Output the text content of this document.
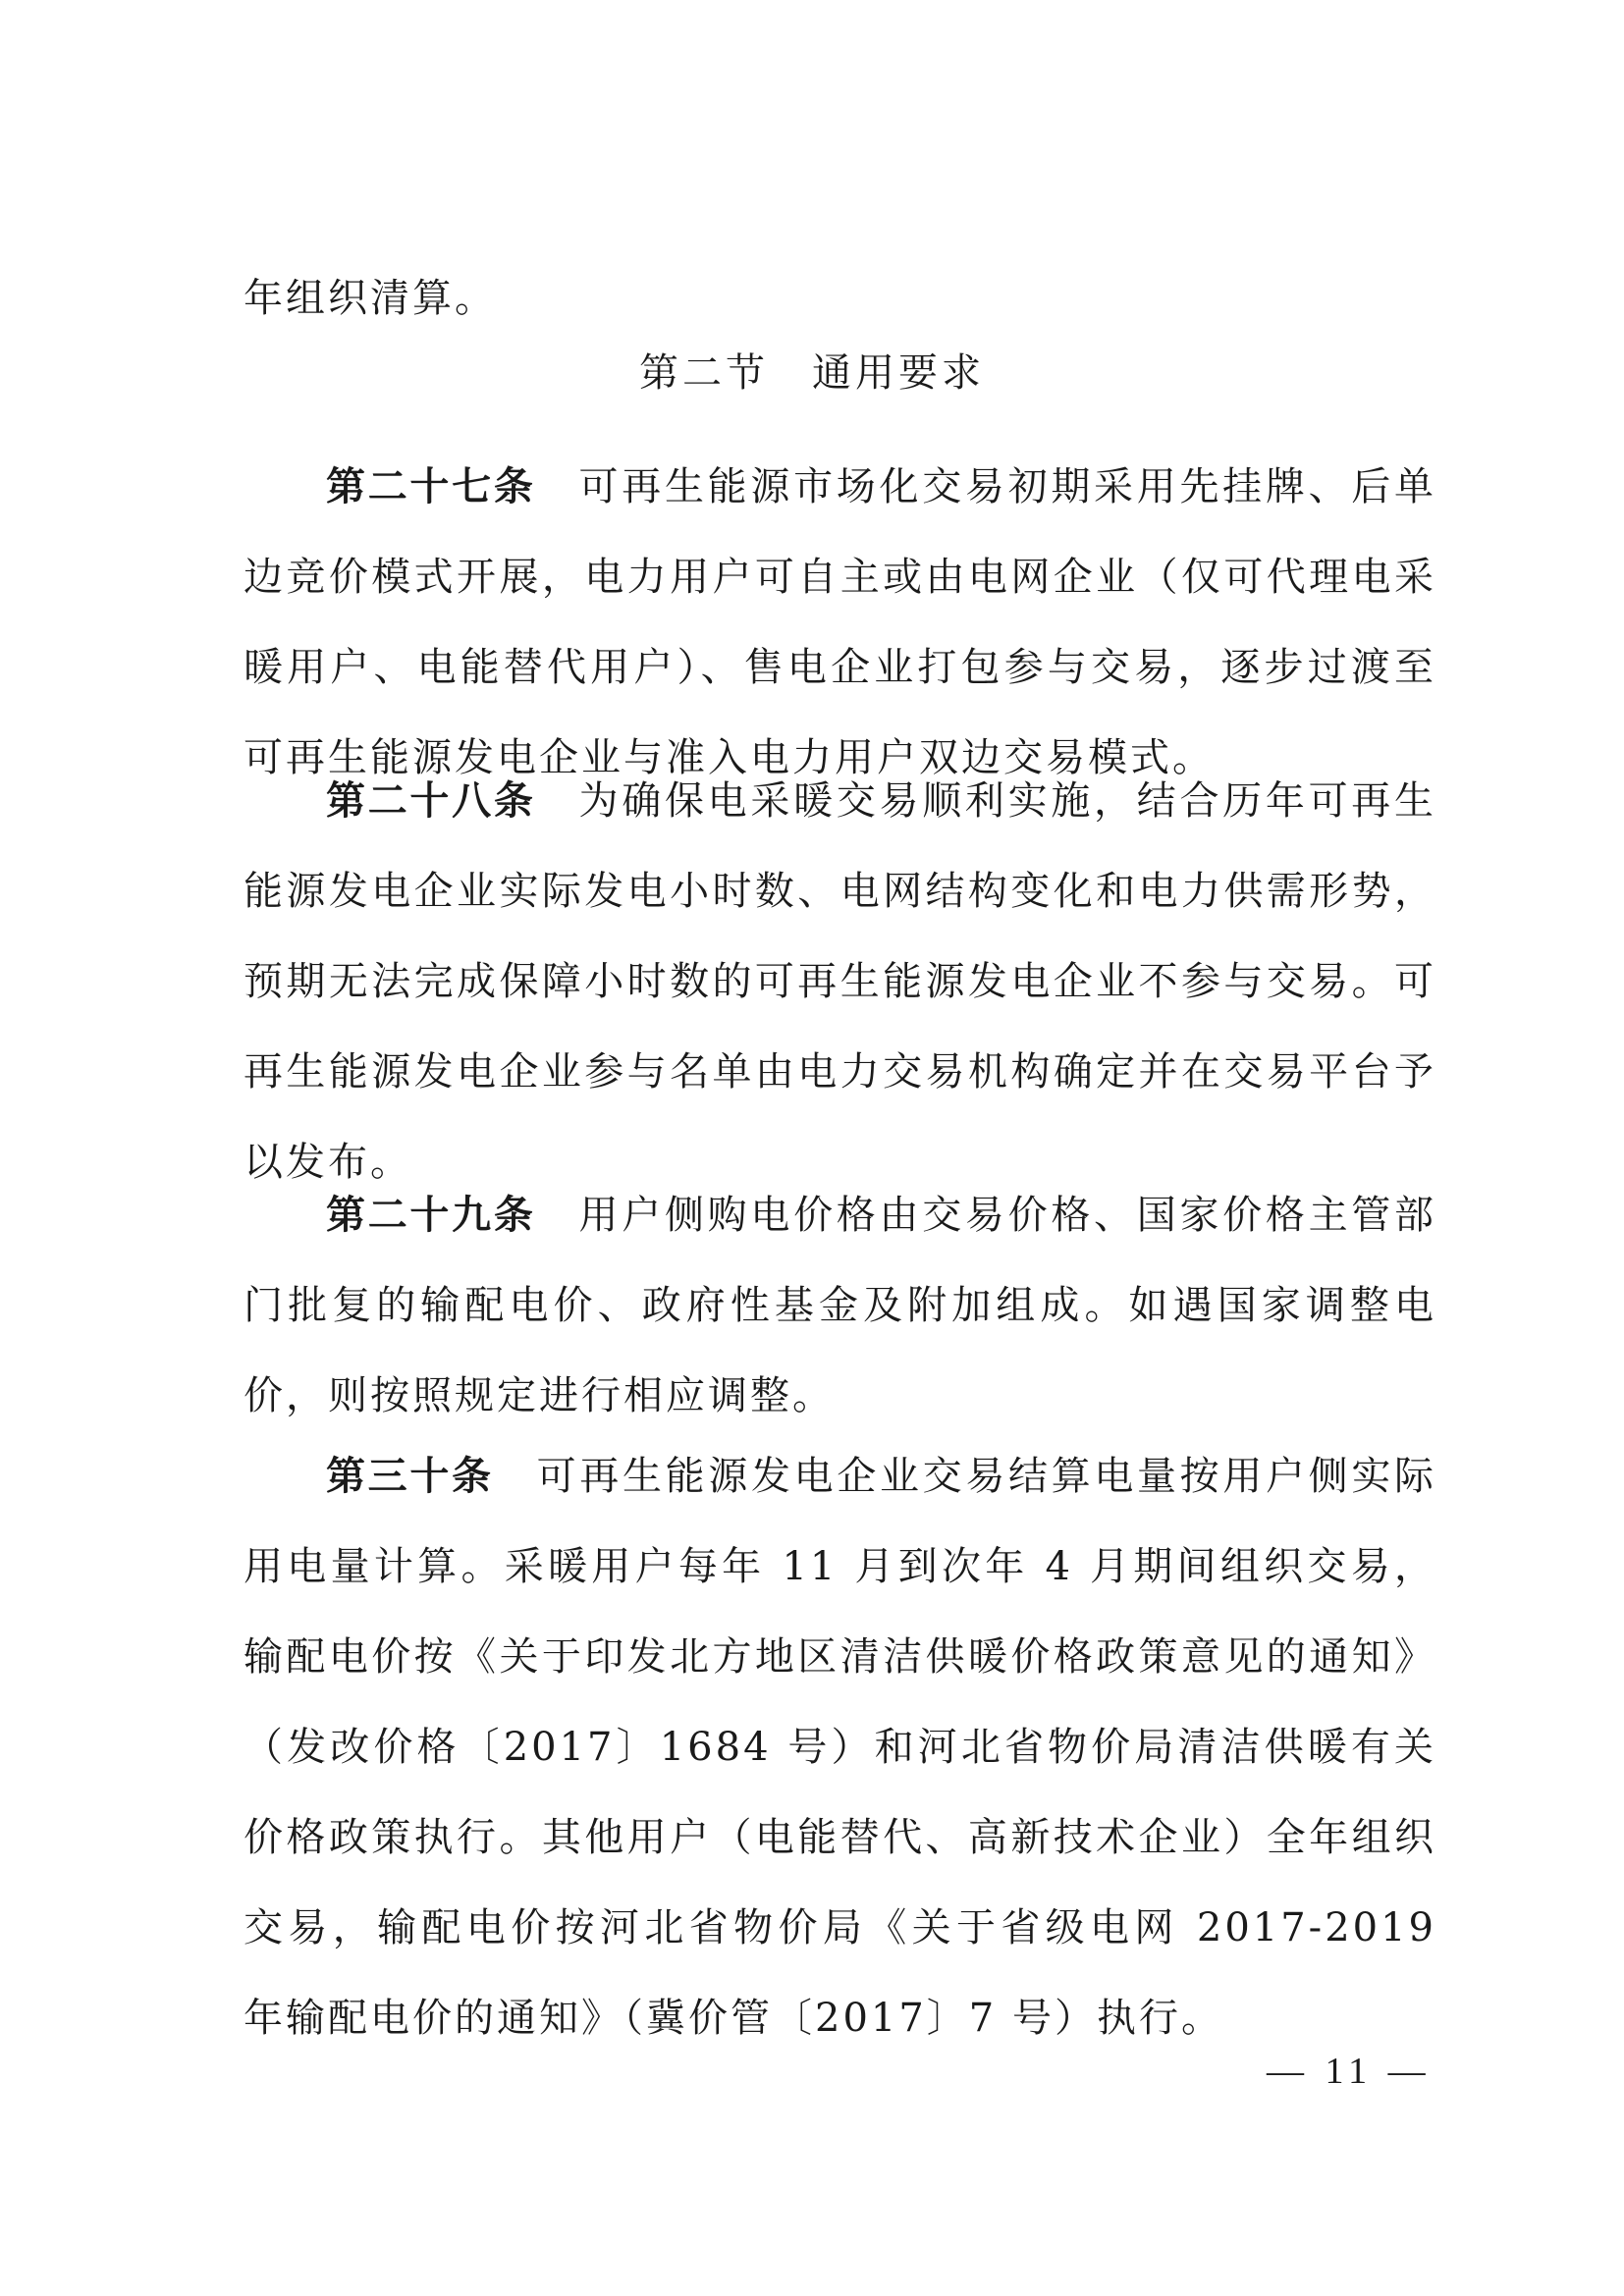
年组织清算。

第二节　通用要求

第二十七条 可再生能源市场化交易初期采用先挂牌、后单边竞价模式开展，电力用户可自主或由电网企业（仅可代理电采暖用户、电能替代用户）、售电企业打包参与交易，逐步过渡至可再生能源发电企业与准入电力用户双边交易模式。

第二十八条 为确保电采暖交易顺利实施，结合历年可再生能源发电企业实际发电小时数、电网结构变化和电力供需形势，预期无法完成保障小时数的可再生能源发电企业不参与交易。可再生能源发电企业参与名单由电力交易机构确定并在交易平台予以发布。

第二十九条 用户侧购电价格由交易价格、国家价格主管部门批复的输配电价、政府性基金及附加组成。如遇国家调整电价，则按照规定进行相应调整。

第三十条 可再生能源发电企业交易结算电量按用户侧实际用电量计算。采暖用户每年 11 月到次年 4 月期间组织交易，输配电价按《关于印发北方地区清洁供暖价格政策意见的通知》（发改价格〔2017〕1684 号）和河北省物价局清洁供暖有关价格政策执行。其他用户（电能替代、高新技术企业）全年组织交易，输配电价按河北省物价局《关于省级电网 2017-2019 年输配电价的通知》（冀价管〔2017〕7 号）执行。

— 11 —
